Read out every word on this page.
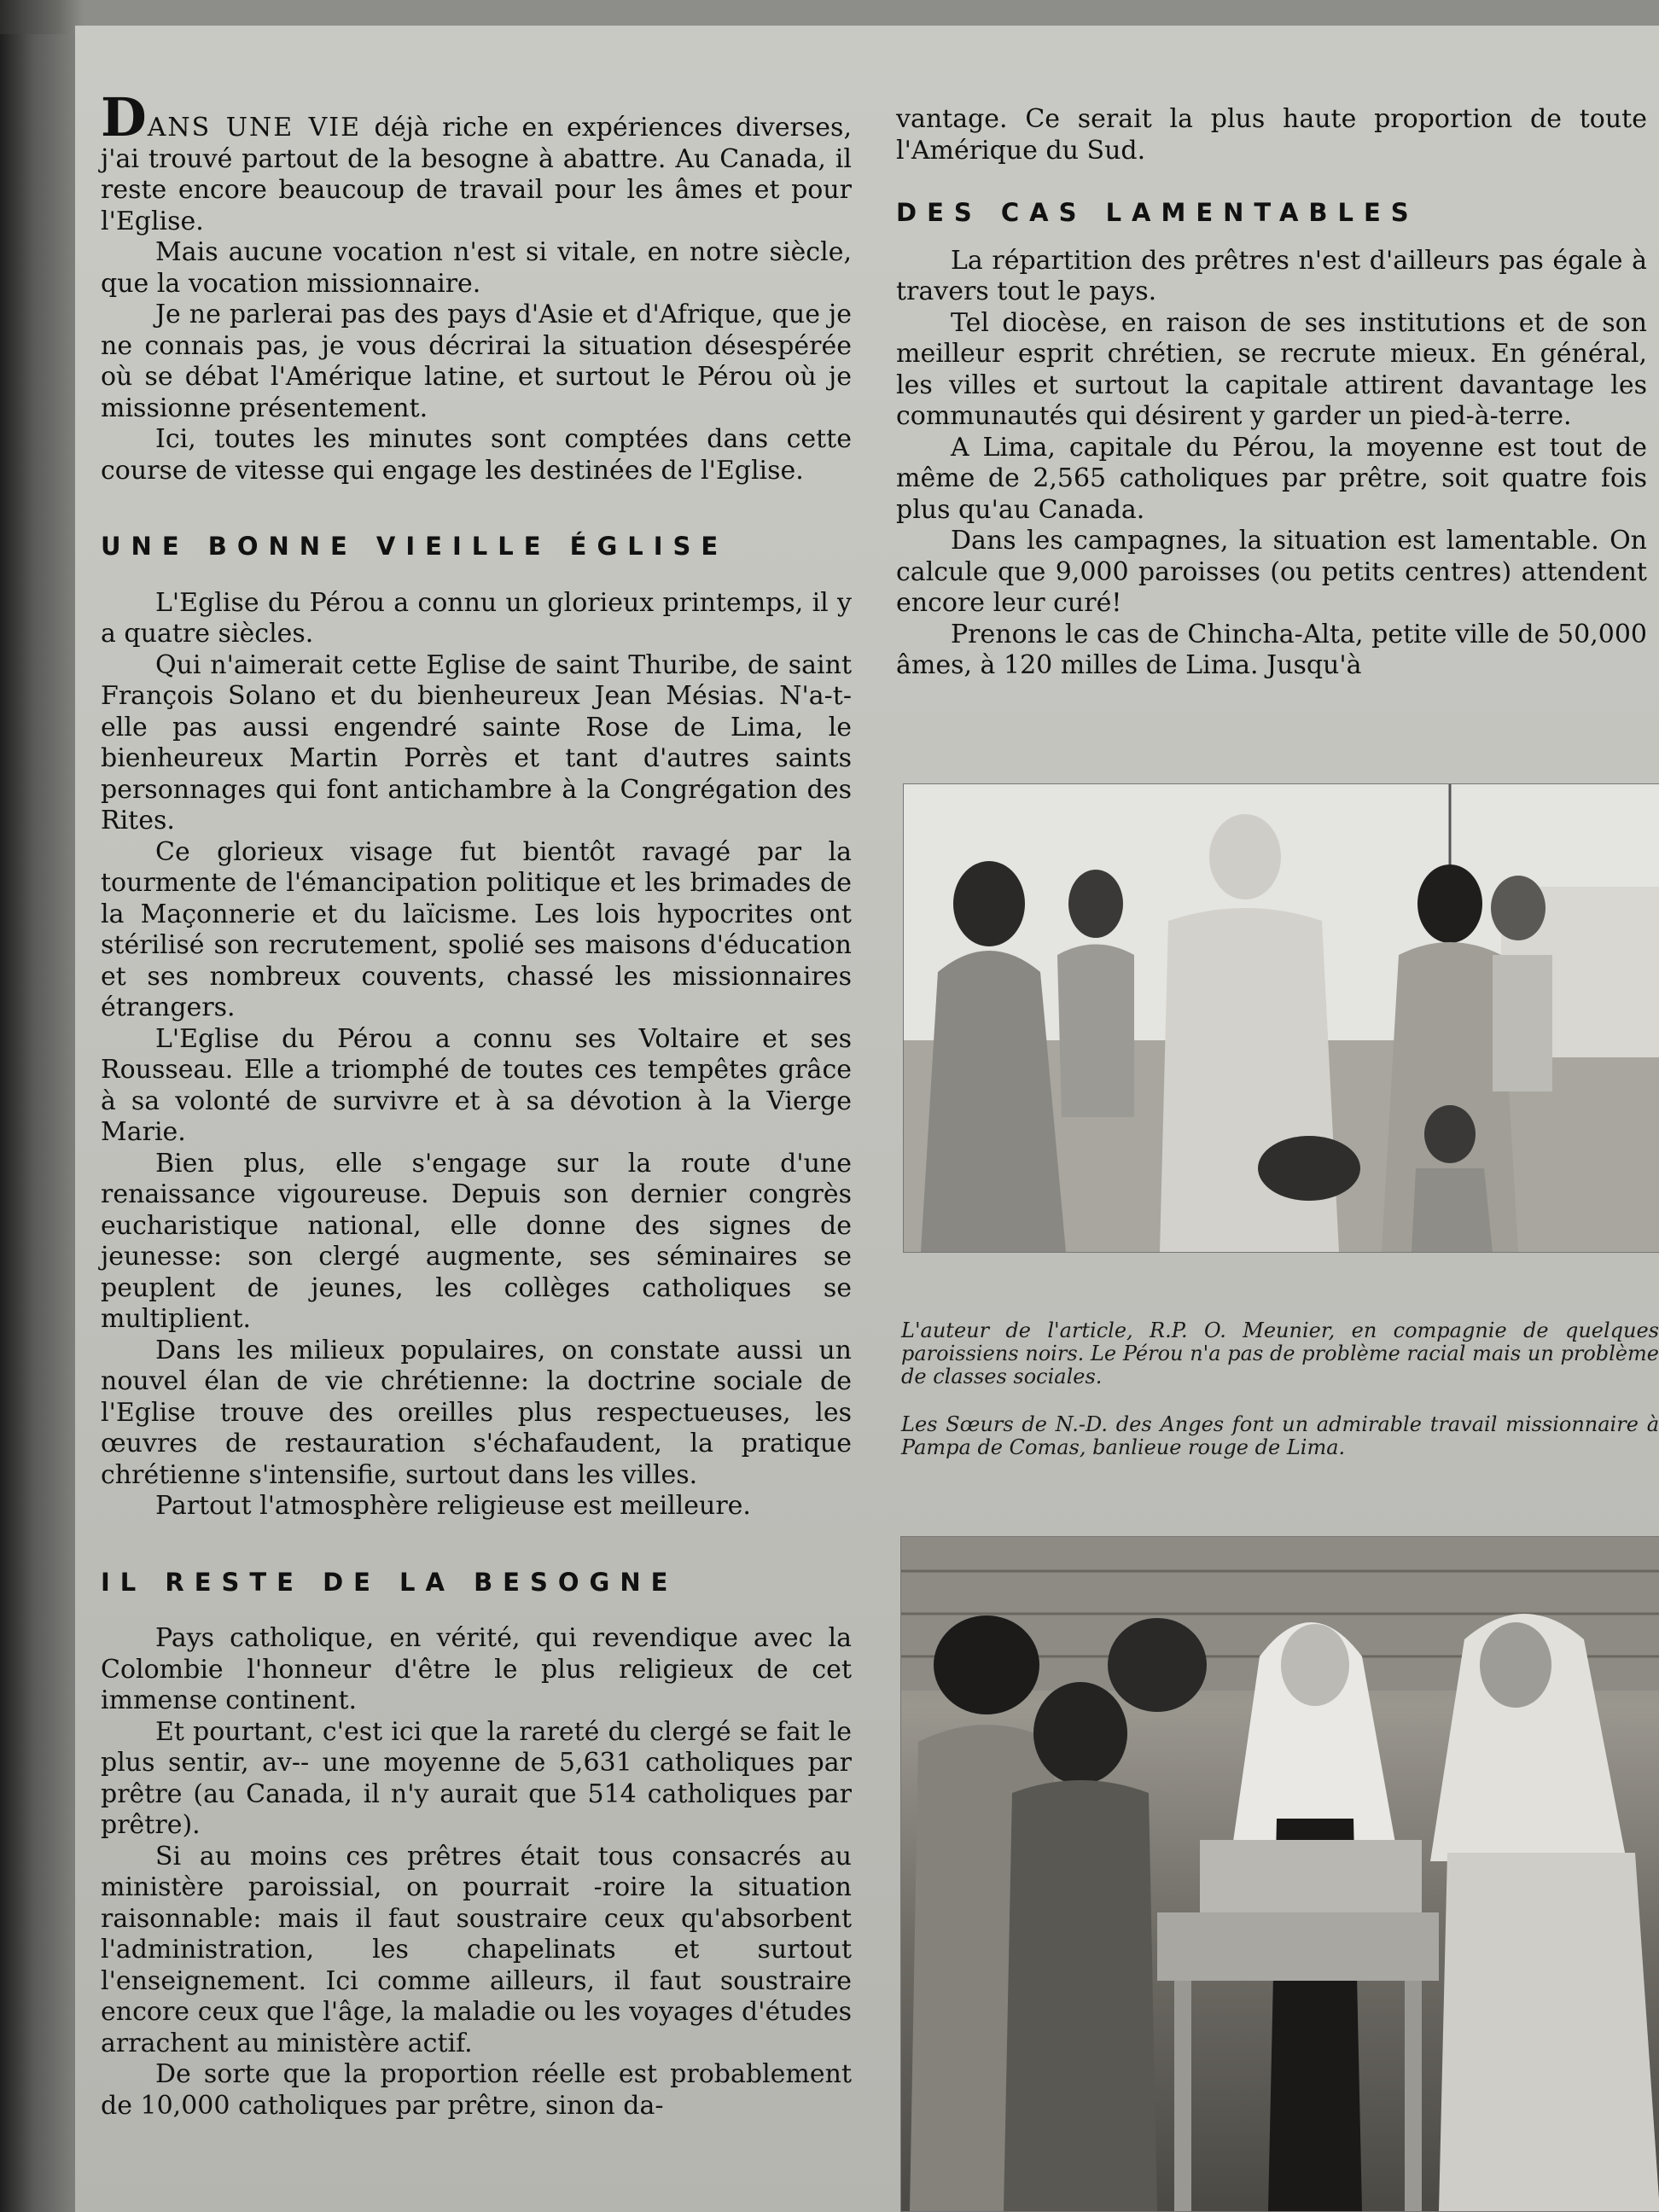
DANS UNE VIE déjà riche en expériences diverses, j'ai trouvé partout de la besogne à abattre. Au Canada, il reste encore beaucoup de travail pour les âmes et pour l'Eglise.

Mais aucune vocation n'est si vitale, en notre siècle, que la vocation missionnaire.

Je ne parlerai pas des pays d'Asie et d'Afrique, que je ne connais pas, je vous décrirai la situation désespérée où se débat l'Amérique latine, et surtout le Pérou où je missionne présentement.

Ici, toutes les minutes sont comptées dans cette course de vitesse qui engage les destinées de l'Eglise.

UNE BONNE VIEILLE ÉGLISE

L'Eglise du Pérou a connu un glorieux printemps, il y a quatre siècles.

Qui n'aimerait cette Eglise de saint Thuribe, de saint François Solano et du bienheureux Jean Mésias. N'a-t-elle pas aussi engendré sainte Rose de Lima, le bienheureux Martin Porrès et tant d'autres saints personnages qui font antichambre à la Congrégation des Rites.

Ce glorieux visage fut bientôt ravagé par la tourmente de l'émancipation politique et les brimades de la Maçonnerie et du laïcisme. Les lois hypocrites ont stérilisé son recrutement, spolié ses maisons d'éducation et ses nombreux couvents, chassé les missionnaires étrangers.

L'Eglise du Pérou a connu ses Voltaire et ses Rousseau. Elle a triomphé de toutes ces tempêtes grâce à sa volonté de survivre et à sa dévotion à la Vierge Marie.

Bien plus, elle s'engage sur la route d'une renaissance vigoureuse. Depuis son dernier congrès eucharistique national, elle donne des signes de jeunesse: son clergé augmente, ses séminaires se peuplent de jeunes, les collèges catholiques se multiplient.

Dans les milieux populaires, on constate aussi un nouvel élan de vie chrétienne: la doctrine sociale de l'Eglise trouve des oreilles plus respectueuses, les œuvres de restauration s'échafaudent, la pratique chrétienne s'intensifie, surtout dans les villes.

Partout l'atmosphère religieuse est meilleure.

IL RESTE DE LA BESOGNE

Pays catholique, en vérité, qui revendique avec la Colombie l'honneur d'être le plus religieux de cet immense continent.

Et pourtant, c'est ici que la rareté du clergé se fait le plus sentir, av-- une moyenne de 5,631 catholiques par prêtre (au Canada, il n'y aurait que 514 catholiques par prêtre).

Si au moins ces prêtres était tous consacrés au ministère paroissial, on pourrait -roire la situation raisonnable: mais il faut soustraire ceux qu'absorbent l'administration, les chapelinats et surtout l'enseignement. Ici comme ailleurs, il faut soustraire encore ceux que l'âge, la maladie ou les voyages d'études arrachent au ministère actif.

De sorte que la proportion réelle est probablement de 10,000 catholiques par prêtre, sinon da-

vantage. Ce serait la plus haute proportion de toute l'Amérique du Sud.

DES CAS LAMENTABLES

La répartition des prêtres n'est d'ailleurs pas égale à travers tout le pays.

Tel diocèse, en raison de ses institutions et de son meilleur esprit chrétien, se recrute mieux. En général, les villes et surtout la capitale attirent davantage les communautés qui désirent y garder un pied-à-terre.

A Lima, capitale du Pérou, la moyenne est tout de même de 2,565 catholiques par prêtre, soit quatre fois plus qu'au Canada.

Dans les campagnes, la situation est lamentable. On calcule que 9,000 paroisses (ou petits centres) attendent encore leur curé!

Prenons le cas de Chincha-Alta, petite ville de 50,000 âmes, à 120 milles de Lima. Jusqu'à

L'auteur de l'article, R.P. O. Meunier, en compagnie de quelques paroissiens noirs. Le Pérou n'a pas de problème racial mais un problème de classes sociales.
Les Sœurs de N.-D. des Anges font un admirable travail missionnaire à Pampa de Comas, banlieue rouge de Lima.
